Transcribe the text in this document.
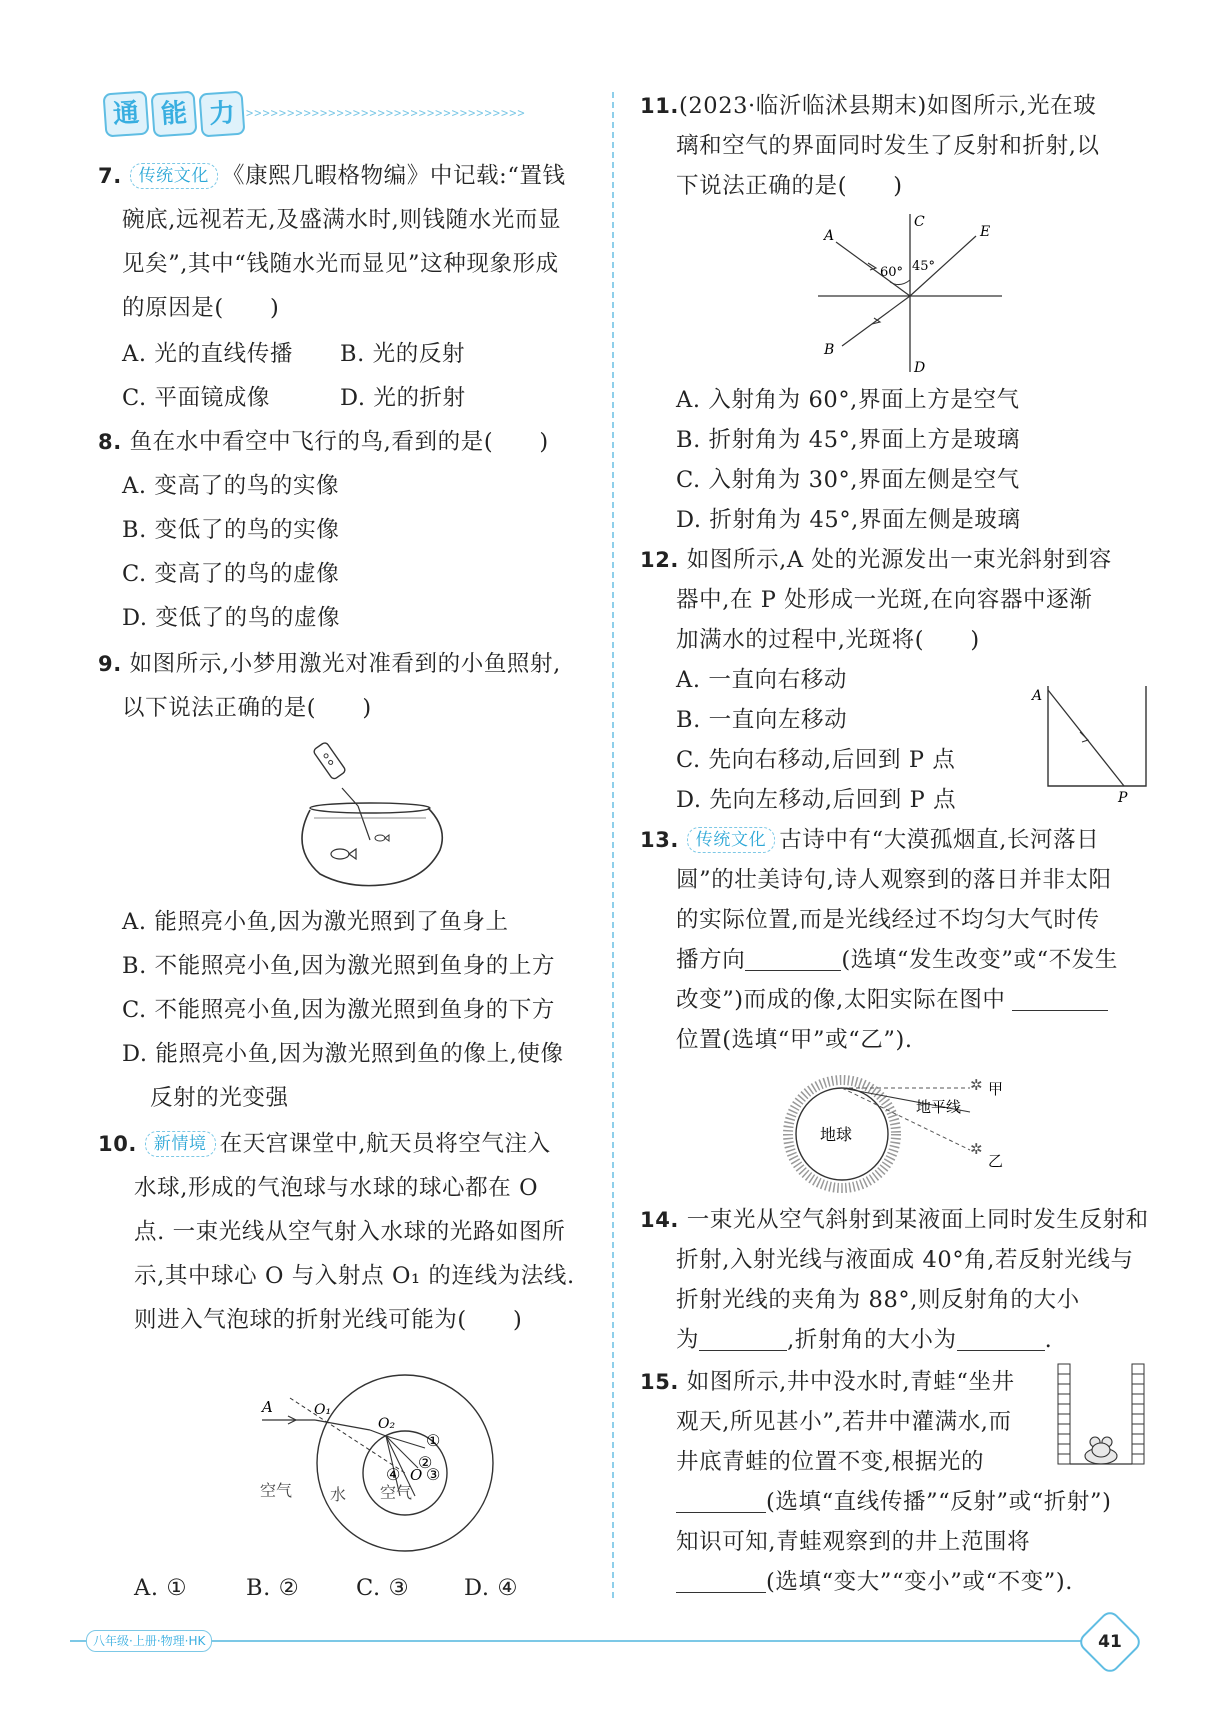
通 能 力 >>>>>>>>>>>>>>>>>>>>>>>>>>>>>>>>>>
7. 传统文化 《康熙几暇格物编》中记载:“置钱
碗底,远视若无,及盛满水时,则钱随水光而显
见矣”,其中“钱随水光而显见”这种现象形成
的原因是(　　)
A. 光的直线传播 B. 光的反射
C. 平面镜成像	D. 光的折射
8. 鱼在水中看空中飞行的鸟,看到的是(　　)
A. 变高了的鸟的实像
B. 变低了的鸟的实像
C. 变高了的鸟的虚像
D. 变低了的鸟的虚像
9. 如图所示,小梦用激光对准看到的小鱼照射,
以下说法正确的是(　　)
A. 能照亮小鱼,因为激光照到了鱼身上
B. 不能照亮小鱼,因为激光照到鱼身的上方
C. 不能照亮小鱼,因为激光照到鱼身的下方
D. 能照亮小鱼,因为激光照到鱼的像上,使像
反射的光变强
10. 新情境 在天宫课堂中,航天员将空气注入
水球,形成的气泡球与水球的球心都在 O
点. 一束光线从空气射入水球的光路如图所
示,其中球心 O 与入射点 O₁ 的连线为法线.
则进入气泡球的折射光线可能为(　　)
A	O₁
O₂
O
①
②
③
④
空气 水 空气
A. ①	B. ②	C. ③ D. ④
11.(2023·临沂临沭县期末)如图所示,光在玻
璃和空气的界面同时发生了反射和折射,以
下说法正确的是(　　)
A
B
C
D
E
60° 45°
A. 入射角为 60°,界面上方是空气
B. 折射角为 45°,界面上方是玻璃
C. 入射角为 30°,界面左侧是空气
D. 折射角为 45°,界面左侧是玻璃
12. 如图所示,A 处的光源发出一束光斜射到容
器中,在 P 处形成一光斑,在向容器中逐渐
加满水的过程中,光斑将(　　)
A. 一直向右移动
B. 一直向左移动
C. 先向右移动,后回到 P 点
D. 先向左移动,后回到 P 点
A
P
13. 传统文化 古诗中有“大漠孤烟直,长河落日
圆”的壮美诗句,诗人观察到的落日并非太阳
的实际位置,而是光线经过不均匀大气时传
播方向	(选填“发生改变”或“不发生
改变”)而成的像,太阳实际在图中
位置(选填“甲”或“乙”).
地球
地平线
✲ 甲
✲
乙
14. 一束光从空气斜射到某液面上同时发生反射和
折射,入射光线与液面成 40°角,若反射光线与
折射光线的夹角为 88°,则反射角的大小
为	,折射角的大小为	.
15. 如图所示,井中没水时,青蛙“坐井
观天,所见甚小”,若井中灌满水,而
井底青蛙的位置不变,根据光的
(选填“直线传播”“反射”或“折射”)
知识可知,青蛙观察到的井上范围将
(选填“变大”“变小”或“不变”).
八年级·上册·物理·HK	41
